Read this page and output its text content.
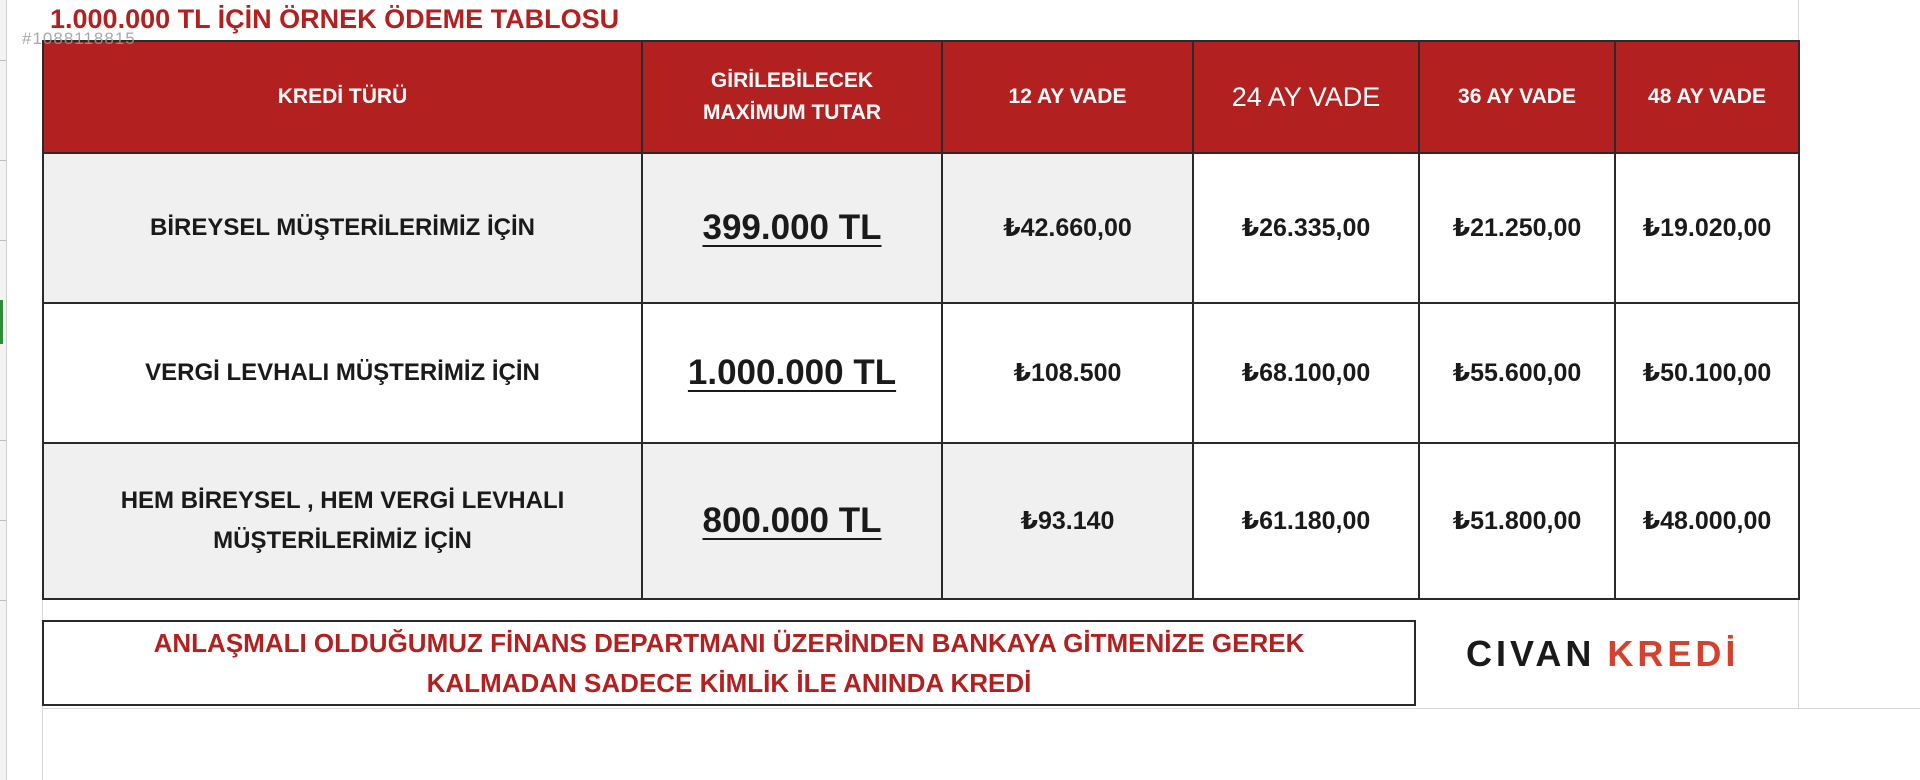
#1088118815
1.000.000 TL İÇİN ÖRNEK ÖDEME TABLOSU
KREDİ TÜRÜ	GİRİLEBİLECEK MAXİMUM TUTAR	12 AY VADE	24 AY VADE	36 AY VADE	48 AY VADE
BİREYSEL MÜŞTERİLERİMİZ İÇİN	399.000 TL	₺42.660,00	₺26.335,00	₺21.250,00	₺19.020,00
VERGİ LEVHALI MÜŞTERİMİZ İÇİN	1.000.000 TL	₺108.500	₺68.100,00	₺55.600,00	₺50.100,00

HEM BİREYSEL , HEM VERGİ LEVHALI
MÜŞTERİLERİMİZ İÇİN	800.000 TL	₺93.140	₺61.180,00	₺51.800,00	₺48.000,00
ANLAŞMALI OLDUĞUMUZ FİNANS DEPARTMANI ÜZERİNDEN BANKAYA GİTMENİZE GEREK
KALMADAN SADECE KİMLİK İLE ANINDA KREDİ
CIVAN KREDİ
